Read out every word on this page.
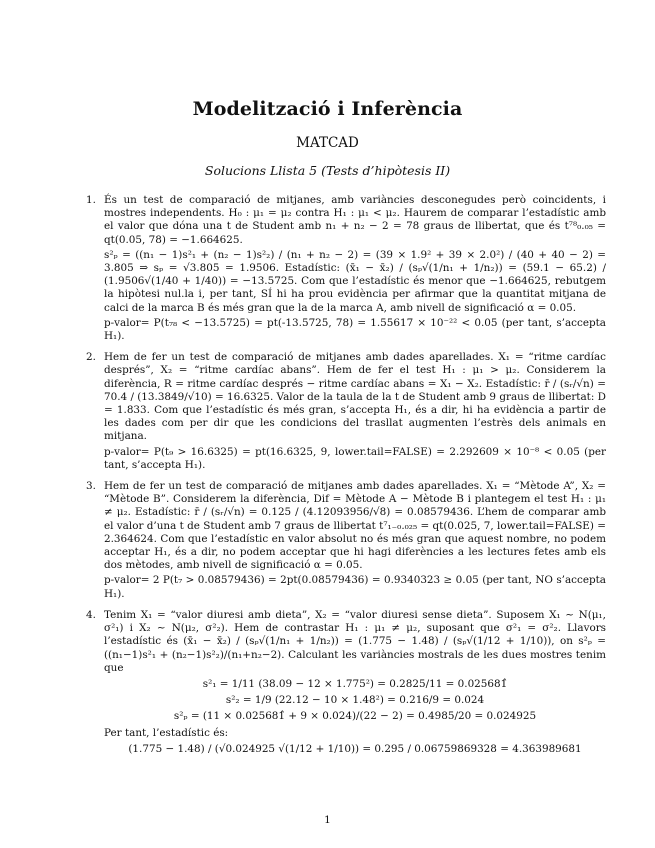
Modelització i Inferència
MATCAD
Solucions Llista 5 (Tests d’hipòtesis II)
1. És un test de comparació de mitjanes, amb variàncies desconegudes però coincidents, i mostres independents. H₀ : μ₁ = μ₂ contra H₁ : μ₁ < μ₂. Haurem de comparar l’estadístic amb el valor que dóna una t de Student amb n₁ + n₂ − 2 = 78 graus de llibertat, que és t⁷⁸₀.₀₅ = qt(0.05, 78) = −1.664625.

s²ₚ = ((n₁ − 1)s²₁ + (n₂ − 1)s²₂) / (n₁ + n₂ − 2) = (39 × 1.9² + 39 × 2.0²) / (40 + 40 − 2) = 3.805 ⇒ sₚ = √3.805 = 1.9506. Estadístic: (x̄₁ − x̄₂) / (sₚ√(1/n₁ + 1/n₂)) = (59.1 − 65.2) / (1.9506√(1/40 + 1/40)) = −13.5725. Com que l’estadístic és menor que −1.664625, rebutgem la hipòtesi nul.la i, per tant, SÍ hi ha prou evidència per afirmar que la quantitat mitjana de calci de la marca B és més gran que la de la marca A, amb nivell de significació α = 0.05.

p-valor= P(t₇₈ < −13.5725) = pt(-13.5725, 78) = 1.55617 × 10⁻²² < 0.05 (per tant, s’accepta H₁).

2. Hem de fer un test de comparació de mitjanes amb dades aparellades. X₁ = “ritme cardíac després”, X₂ = “ritme cardíac abans”. Hem de fer el test H₁ : μ₁ > μ₂. Considerem la diferència, R = ritme cardíac després − ritme cardíac abans = X₁ − X₂. Estadístic: r̄ / (sᵣ/√n) = 70.4 / (13.3849/√10) = 16.6325. Valor de la taula de la t de Student amb 9 graus de llibertat: D = 1.833. Com que l’estadístic és més gran, s’accepta H₁, és a dir, hi ha evidència a partir de les dades com per dir que les condicions del trasllat augmenten l’estrès dels animals en mitjana.

p-valor= P(t₉ > 16.6325) = pt(16.6325, 9, lower.tail=FALSE) = 2.292609 × 10⁻⁸ < 0.05 (per tant, s’accepta H₁).

3. Hem de fer un test de comparació de mitjanes amb dades aparellades. X₁ = “Mètode A”, X₂ = “Mètode B”. Considerem la diferència, Dif = Mètode A − Mètode B i plantegem el test H₁ : μ₁ ≠ μ₂. Estadístic: r̄ / (sᵣ/√n) = 0.125 / (4.12093956/√8) = 0.08579436. L’hem de comparar amb el valor d’una t de Student amb 7 graus de llibertat t⁷₁₋₀.₀₂₅ = qt(0.025, 7, lower.tail=FALSE) = 2.364624. Com que l’estadístic en valor absolut no és més gran que aquest nombre, no podem acceptar H₁, és a dir, no podem acceptar que hi hagi diferències a les lectures fetes amb els dos mètodes, amb nivell de significació α = 0.05.

p-valor= 2 P(t₇ > 0.08579436) = 2pt(0.08579436) = 0.9340323 ≥ 0.05 (per tant, NO s’accepta H₁).

4. Tenim X₁ = “valor diuresi amb dieta”, X₂ = “valor diuresi sense dieta”. Suposem X₁ ∼ N(μ₁, σ²₁) i X₂ ∼ N(μ₂, σ²₂). Hem de contrastar H₁ : μ₁ ≠ μ₂, suposant que σ²₁ = σ²₂. Llavors l’estadístic és (x̄₁ − x̄₂) / (sₚ√(1/n₁ + 1/n₂)) = (1.775 − 1.48) / (sₚ√(1/12 + 1/10)), on s²ₚ = ((n₁−1)s²₁ + (n₂−1)s²₂)/(n₁+n₂−2). Calculant les variàncies mostrals de les dues mostres tenim que

s²₁ = 1/11 (38.09 − 12 × 1.775²) = 0.2825/11 = 0.025681̂
s²₂ = 1/9 (22.12 − 10 × 1.48²) = 0.216/9 = 0.024
s²ₚ = (11 × 0.025681̂ + 9 × 0.024)/(22 − 2) = 0.4985/20 = 0.024925

Per tant, l’estadístic és:

(1.775 − 1.48) / (√0.024925 √(1/12 + 1/10)) = 0.295 / 0.06759869328 = 4.363989681
1
